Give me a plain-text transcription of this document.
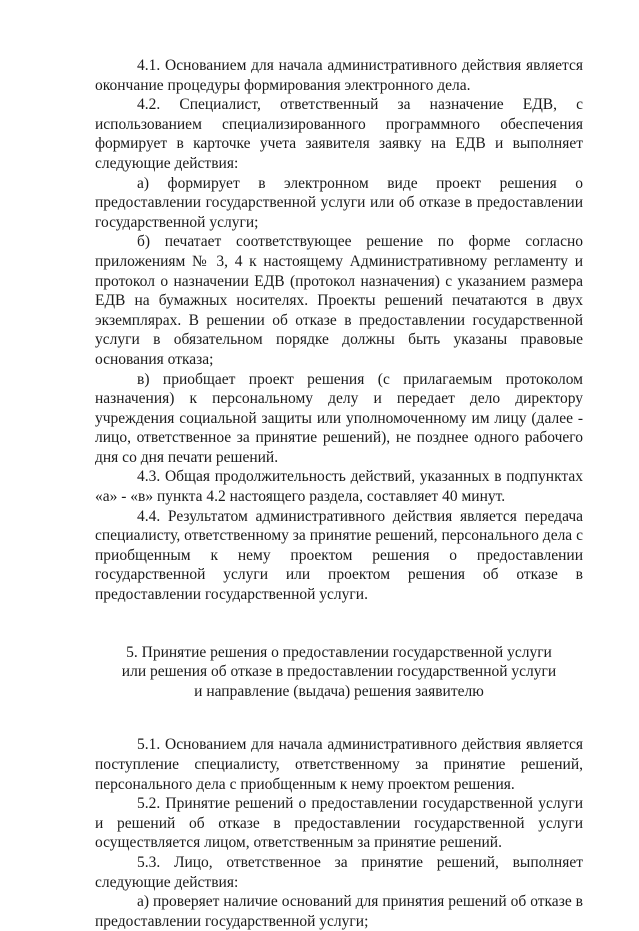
4.1. Основанием для начала административного действия является окончание процедуры формирования электронного дела.

4.2. Специалист, ответственный за назначение ЕДВ, с использованием специализированного программного обеспечения формирует в карточке учета заявителя заявку на ЕДВ и выполняет следующие действия:

а) формирует в электронном виде проект решения о предоставлении государственной услуги или об отказе в предоставлении государственной услуги;

б) печатает соответствующее решение по форме согласно приложениям № 3, 4 к настоящему Административному регламенту и протокол о назначении ЕДВ (протокол назначения) с указанием размера ЕДВ на бумажных носителях. Проекты решений печатаются в двух экземплярах. В решении об отказе в предоставлении государственной услуги в обязательном порядке должны быть указаны правовые основания отказа;

в) приобщает проект решения (с прилагаемым протоколом назначения) к персональному делу и передает дело директору учреждения социальной защиты или уполномоченному им лицу (далее - лицо, ответственное за принятие решений), не позднее одного рабочего дня со дня печати решений.

4.3. Общая продолжительность действий, указанных в подпунктах «а» - «в» пункта 4.2 настоящего раздела, составляет 40 минут.

4.4. Результатом административного действия является передача специалисту, ответственному за принятие решений, персонального дела с приобщенным к нему проектом решения о предоставлении государственной услуги или проектом решения об отказе в предоставлении государственной услуги.

5. Принятие решения о предоставлении государственной услуги
или решения об отказе в предоставлении государственной услуги
и направление (выдача) решения заявителю

5.1. Основанием для начала административного действия является поступление специалисту, ответственному за принятие решений, персонального дела с приобщенным к нему проектом решения.

5.2. Принятие решений о предоставлении государственной услуги и решений об отказе в предоставлении государственной услуги осуществляется лицом, ответственным за принятие решений.

5.3. Лицо, ответственное за принятие решений, выполняет следующие действия:

а) проверяет наличие оснований для принятия решений об отказе в предоставлении государственной услуги;
